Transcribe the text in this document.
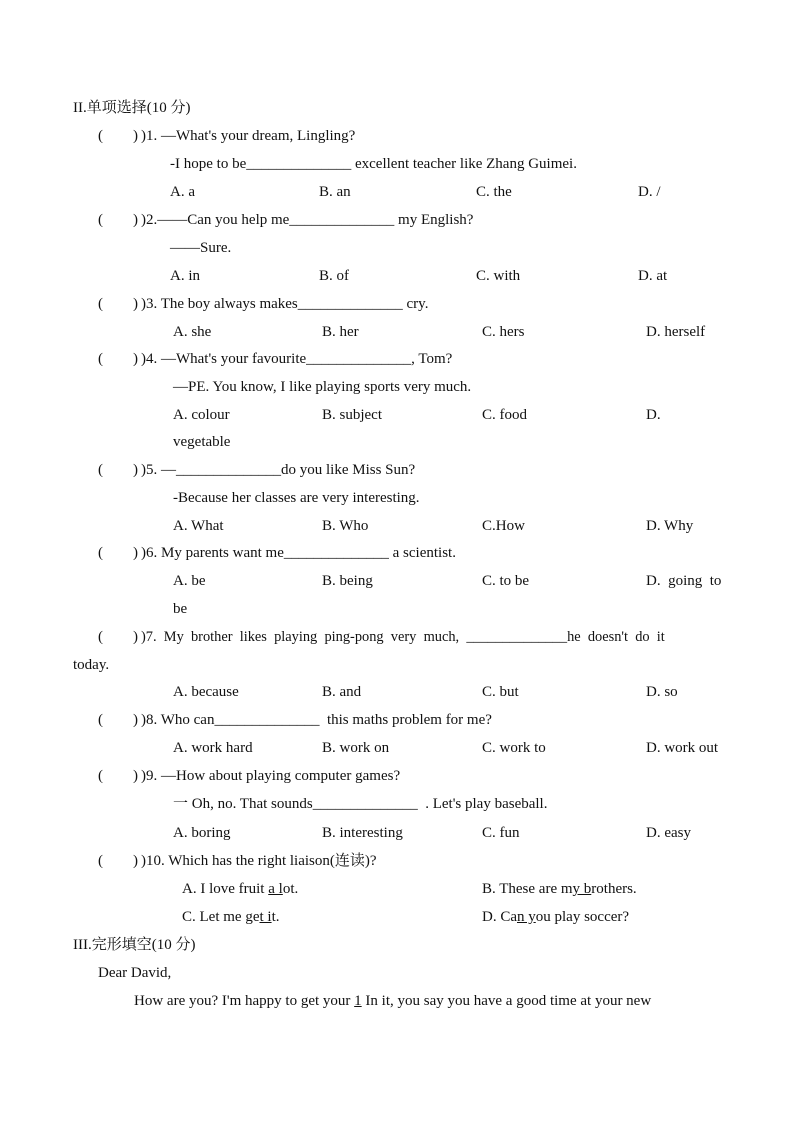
II.单项选择(10 分)
(        ) )1. —What's your dream, Lingling?
-I hope to be______________ excellent teacher like Zhang Guimei.
A. a	B. an	C. the	D. /
(        ) )2.——Can you help me______________ my English?
——Sure.
A. in	B. of	C. with	D. at
(        ) )3. The boy always makes______________ cry.
A. she	B. her	C. hers	D. herself
(        ) )4. —What's your favourite______________, Tom?
—PE. You know, I like playing sports very much.
A. colour	B. subject	C. food	D.
vegetable
(        ) )5. —______________do you like Miss Sun?
-Because her classes are very interesting.
A. What	B. Who	C.How	D. Why
(        ) )6. My parents want me______________ a scientist.
A. be	B. being	C. to be	D.  going  to
be
(        ) )7.  My  brother  likes  playing  ping-pong  very  much,  ______________he  doesn't  do  it
today.
A. because	B. and	C. but	D. so
(        ) )8. Who can______________  this maths problem for me?
A. work hard	B. work on	C. work to	D. work out
(        ) )9. —How about playing computer games?
一 Oh, no. That sounds______________  . Let's play baseball.
A. boring	B. interesting	C. fun	D. easy
(        ) )10. Which has the right liaison(连读)?
A. I love fruit a lot.	B. These are my brothers.
C. Let me get it.	D. Can you play soccer?
III.完形填空(10 分)
Dear David,
How are you? I'm happy to get your 1 In it, you say you have a good time at your new
